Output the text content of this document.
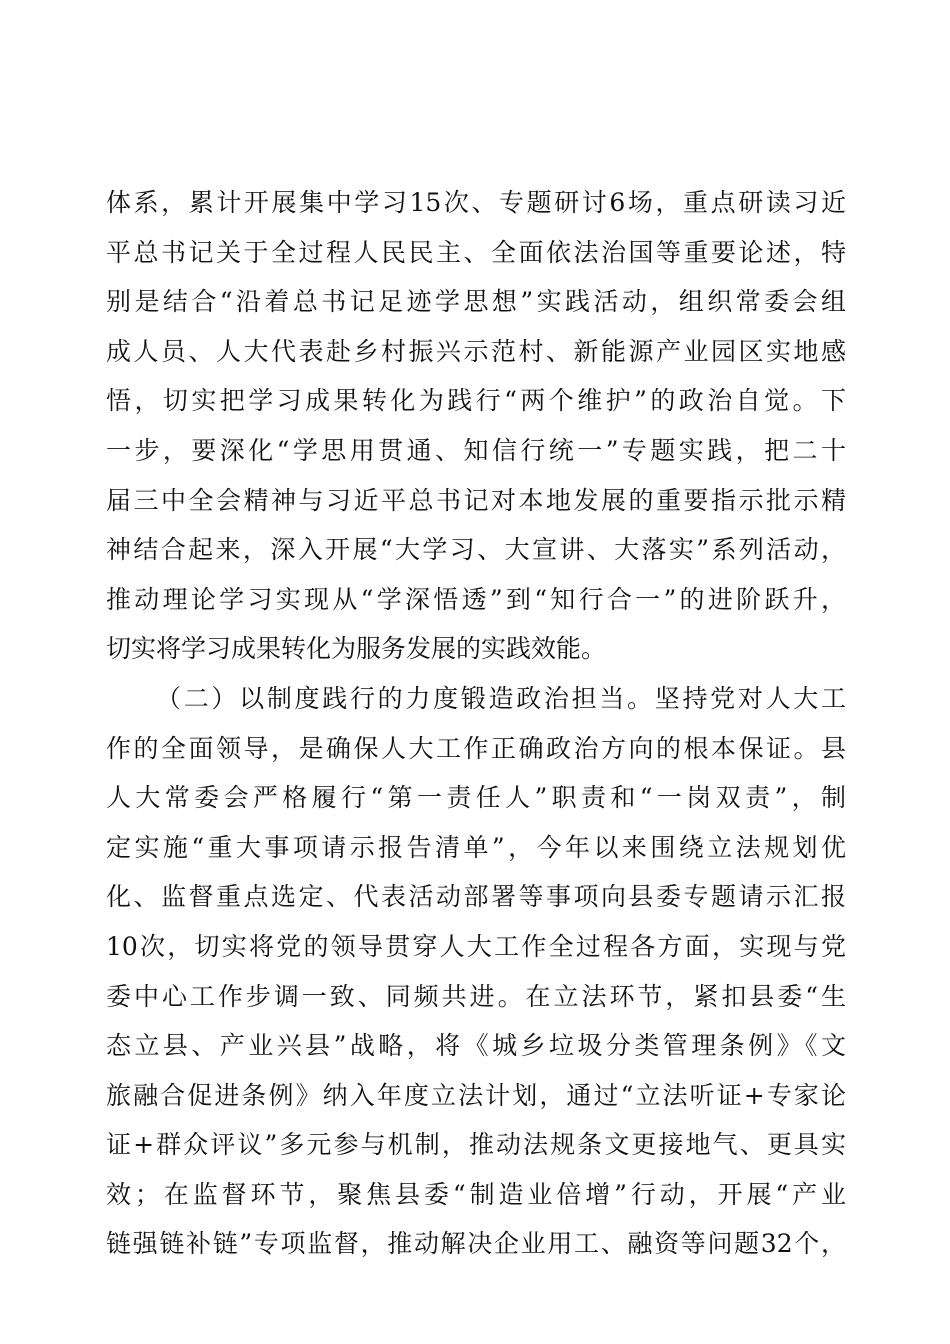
体系，累计开展集中学习15次、专题研讨6场，重点研读习近
平总书记关于全过程人民民主、全面依法治国等重要论述，特
别是结合“沿着总书记足迹学思想”实践活动，组织常委会组
成人员、人大代表赴乡村振兴示范村、新能源产业园区实地感
悟，切实把学习成果转化为践行“两个维护”的政治自觉。下
一步，要深化“学思用贯通、知信行统一”专题实践，把二十
届三中全会精神与习近平总书记对本地发展的重要指示批示精
神结合起来，深入开展“大学习、大宣讲、大落实”系列活动，
推动理论学习实现从“学深悟透”到“知行合一”的进阶跃升，
切实将学习成果转化为服务发展的实践效能。
（二）以制度践行的力度锻造政治担当。坚持党对人大工
作的全面领导，是确保人大工作正确政治方向的根本保证。县
人大常委会严格履行“第一责任人”职责和“一岗双责”，制
定实施“重大事项请示报告清单”，今年以来围绕立法规划优
化、监督重点选定、代表活动部署等事项向县委专题请示汇报
10次，切实将党的领导贯穿人大工作全过程各方面，实现与党
委中心工作步调一致、同频共进。在立法环节，紧扣县委“生
态立县、产业兴县”战略，将《城乡垃圾分类管理条例》《文
旅融合促进条例》纳入年度立法计划，通过“立法听证+专家论
证+群众评议”多元参与机制，推动法规条文更接地气、更具实
效；在监督环节，聚焦县委“制造业倍增”行动，开展“产业
链强链补链”专项监督，推动解决企业用工、融资等问题32个，
